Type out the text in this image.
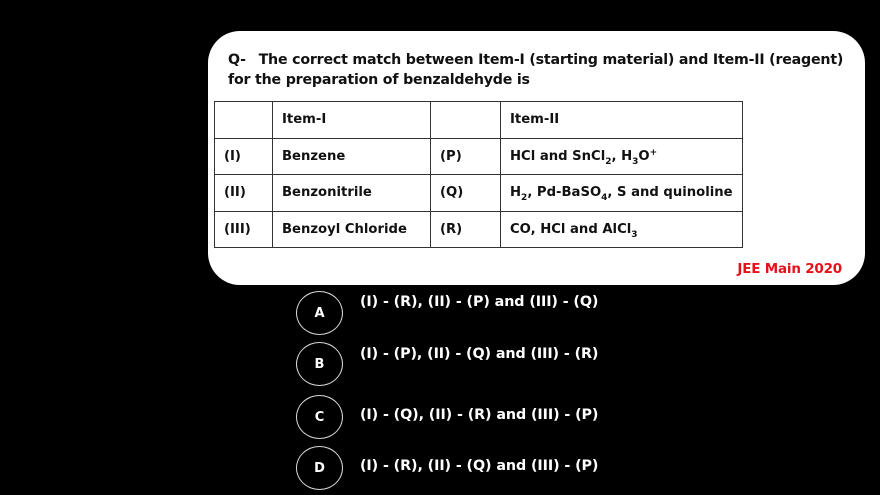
Q- The correct match between Item-I (starting material) and Item-II (reagent)
for the preparation of benzaldehyde is
	Item-I		Item-II
(I)	Benzene	(P)	HCl and SnCl$_2$, $H_3O^+$
(II)	Benzonitrile	(Q)	$H_2$, Pd-BaSO$_4$, S and quinoline
(III)	Benzoyl Chloride	(R)	CO, HCl and AlCl$_3$
JEE Main 2020
A
(I) - (R), (II) - (P) and (III) - (Q)
B
(I) - (P), (II) - (Q) and (III) - (R)
C	(I) - (Q), (II) - (R) and (III) - (P)
D	(I) - (R), (II) - (Q) and (III) - (P)
